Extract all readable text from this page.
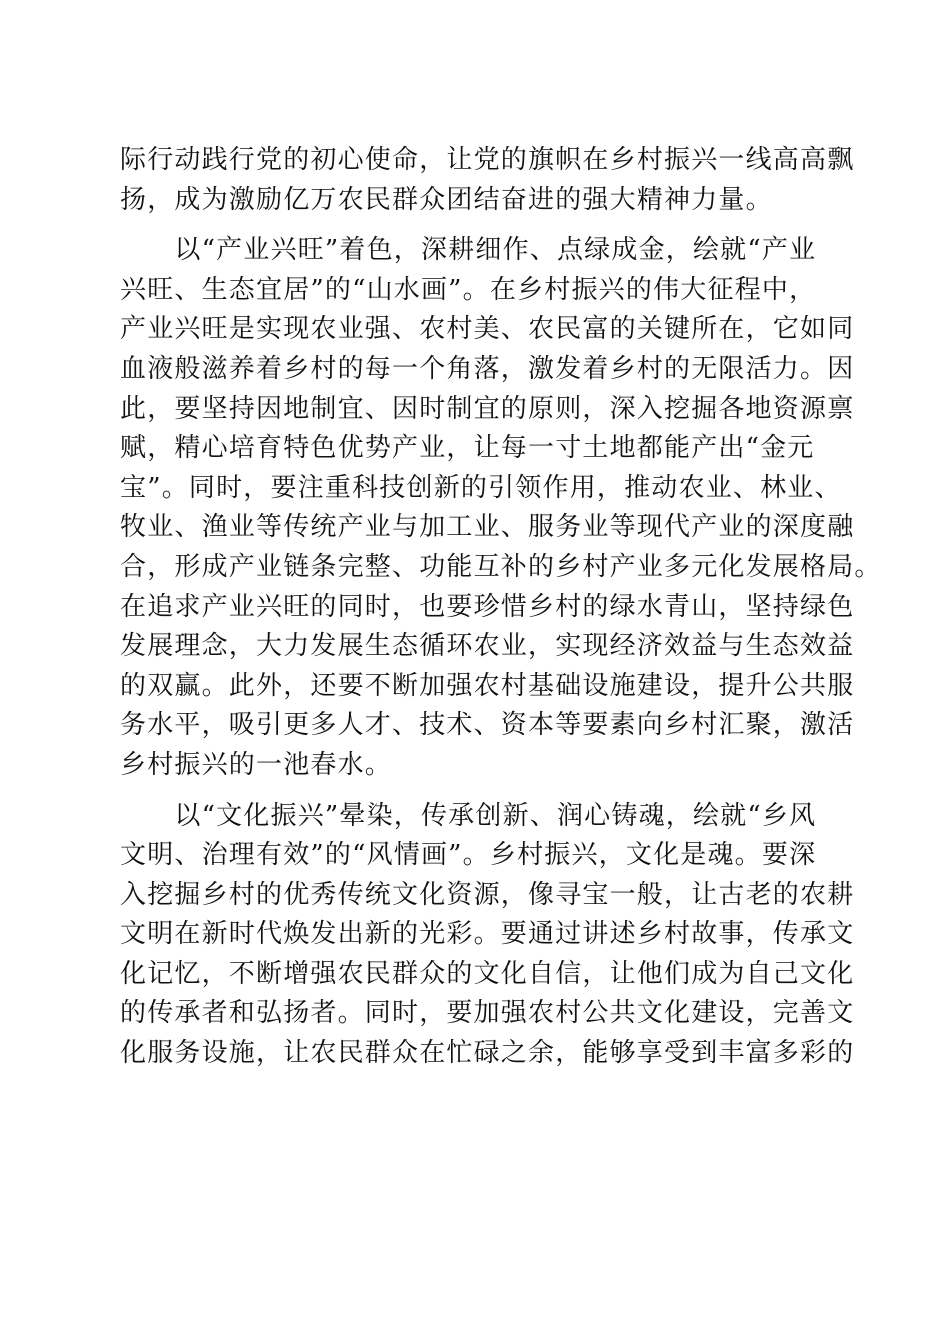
际行动践行党的初心使命，让党的旗帜在乡村振兴一线高高飘
扬，成为激励亿万农民群众团结奋进的强大精神力量。
　　以“产业兴旺”着色，深耕细作、点绿成金，绘就“产业
兴旺、生态宜居”的“山水画”。在乡村振兴的伟大征程中，
产业兴旺是实现农业强、农村美、农民富的关键所在，它如同
血液般滋养着乡村的每一个角落，激发着乡村的无限活力。因
此，要坚持因地制宜、因时制宜的原则，深入挖掘各地资源禀
赋，精心培育特色优势产业，让每一寸土地都能产出“金元
宝”。同时，要注重科技创新的引领作用，推动农业、林业、
牧业、渔业等传统产业与加工业、服务业等现代产业的深度融
合，形成产业链条完整、功能互补的乡村产业多元化发展格局。
在追求产业兴旺的同时，也要珍惜乡村的绿水青山，坚持绿色
发展理念，大力发展生态循环农业，实现经济效益与生态效益
的双赢。此外，还要不断加强农村基础设施建设，提升公共服
务水平，吸引更多人才、技术、资本等要素向乡村汇聚，激活
乡村振兴的一池春水。
　　以“文化振兴”晕染，传承创新、润心铸魂，绘就“乡风
文明、治理有效”的“风情画”。乡村振兴，文化是魂。要深
入挖掘乡村的优秀传统文化资源，像寻宝一般，让古老的农耕
文明在新时代焕发出新的光彩。要通过讲述乡村故事，传承文
化记忆，不断增强农民群众的文化自信，让他们成为自己文化
的传承者和弘扬者。同时，要加强农村公共文化建设，完善文
化服务设施，让农民群众在忙碌之余，能够享受到丰富多彩的
